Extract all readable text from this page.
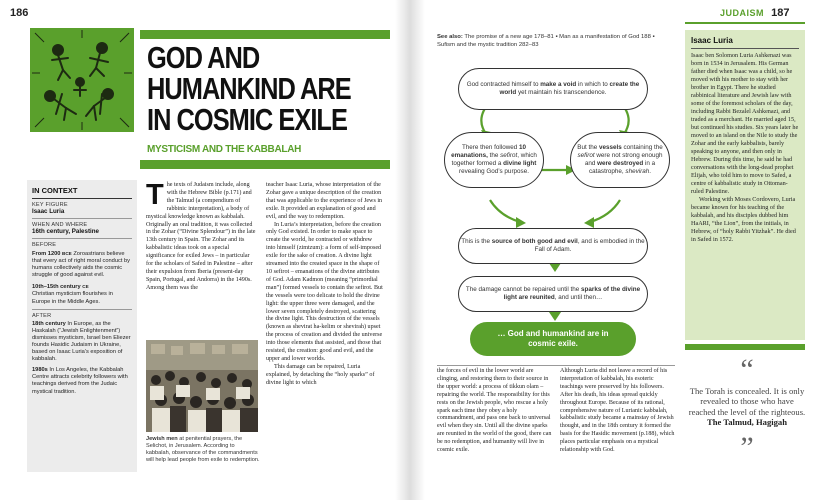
186
GOD AND
HUMANKIND ARE
IN COSMIC EXILE
MYSTICISM AND THE KABBALAH
IN CONTEXT
KEY FIGURE
Isaac Luria
WHEN AND WHERE
16th century, Palestine
BEFORE
From 1200 BCE Zoroastrians believe that every act of right moral conduct by humans collectively aids the cosmic struggle of good against evil.
10th–15th century CE
Christian mysticism flourishes in Europe in the Middle Ages.
AFTER
18th century In Europe, as the Haskalah (“Jewish Enlightenment”) dismisses mysticism, Israel ben Eliezer founds Hasidic Judaism in Ukraine, based on Isaac Luria’s exposition of kabbalah.
1980s In Los Angeles, the Kabbalah Centre attracts celebrity followers with teachings derived from the Judaic mystical tradition.
T he texts of Judaism include, along with the Hebrew Bible (p.171) and the Talmud (a compendium of rabbinic interpretation), a body of mystical knowledge known as kabbalah. Originally an oral tradition, it was collected in the Zohar (“Divine Splendour”) in the late 13th century in Spain. The Zohar and its kabbalistic ideas took on a special significance for exiled Jews – in particular for the scholars of Safed in Palestine – after their expulsion from Iberia (present-day Spain, Portugal, and Andorra) in the 1490s. Among them was the

Jewish men at penitential prayers, the Selichot, in Jerusalem. According to kabbalah, observance of the commandments will help lead people from exile to redemption.

teacher Isaac Luria, whose interpretation of the Zohar gave a unique description of the creation that was applicable to the experience of Jews in exile. It provided an explanation of good and evil, and the way to redemption.

In Luria’s interpretation, before the creation only God existed. In order to make space to create the world, he contracted or withdrew into himself (zimtzum): a form of self-imposed exile for the sake of creation. A divine light streamed into the created space in the shape of 10 sefirot – emanations of the divine attributes of God. Adam Kadmon (meaning “primordial man”) formed vessels to contain the sefirot. But the vessels were too delicate to hold the divine light: the upper three were damaged, and the lower seven completely destroyed, scattering the divine light. This destruction of the vessels (known as shevirat ha-kelim or shevirah) upset the process of creation and divided the universe into those elements that assisted, and those that resisted, the creation: good and evil, and the upper and lower worlds.

This damage can be repaired, Luria explained, by detaching the “holy sparks” of divine light to which

See also: The promise of a new age 178–81 ▪ Man as a manifestation of God 188 ▪ Sufism and the mystic tradition 282–83
God contracted himself to make a void in which to create the world yet maintain his transcendence.
There then followed 10 emanations, the sefirot, which together formed a divine light revealing God’s purpose.
But the vessels containing the sefirot were not strong enough and were destroyed in a catastrophe, shevirah.
This is the source of both good and evil, and is embodied in the Fall of Adam.
The damage cannot be repaired until the sparks of the divine light are reunited, and until then…
… God and humankind are in cosmic exile.

the forces of evil in the lower world are clinging, and restoring them to their source in the upper world: a process of tikkun olam – repairing the world. The responsibility for this rests on the Jewish people, who rescue a holy spark each time they obey a holy commandment, and pass one back to universal evil when they sin. Until all the divine sparks are reunited in the world of the good, there can be no redemption, and humanity will live in cosmic exile.

Although Luria did not leave a record of his interpretation of kabbalah, his esoteric teachings were preserved by his followers. After his death, his ideas spread quickly throughout Europe. Because of its rational, comprehensive nature of Lurianic kabbalah, kabbalistic study became a mainstay of Jewish thought, and in the 18th century it formed the basis for the Hasidic movement (p.188), which places particular emphasis on a mystical relationship with God.

JUDAISM 187
Isaac Luria

Isaac ben Solomon Luria Ashkenazi was born in 1534 in Jerusalem. His German father died when Isaac was a child, so he moved with his mother to stay with her brother in Egypt. There he studied rabbinical literature and Jewish law with some of the foremost scholars of the day, including Rabbi Bezalel Ashkenazi, and traded as a merchant. He married aged 15, but continued his studies. Six years later he moved to an island on the Nile to study the Zohar and the early kabbalists, barely speaking to anyone, and then only in Hebrew. During this time, he said he had conversations with the long-dead prophet Elijah, who told him to move to Safed, a centre of kabbalistic study in Ottoman-ruled Palestine.

Working with Moses Cordovero, Luria became known for his teaching of the kabbalah, and his disciples dubbed him HaARI, “the Lion”, from the initials, in Hebrew, of “holy Rabbi Yitzhak”. He died in Safed in 1572.

“
The Torah is concealed. It is only revealed to those who have reached the level of the righteous.
The Talmud, Hagigah
”
